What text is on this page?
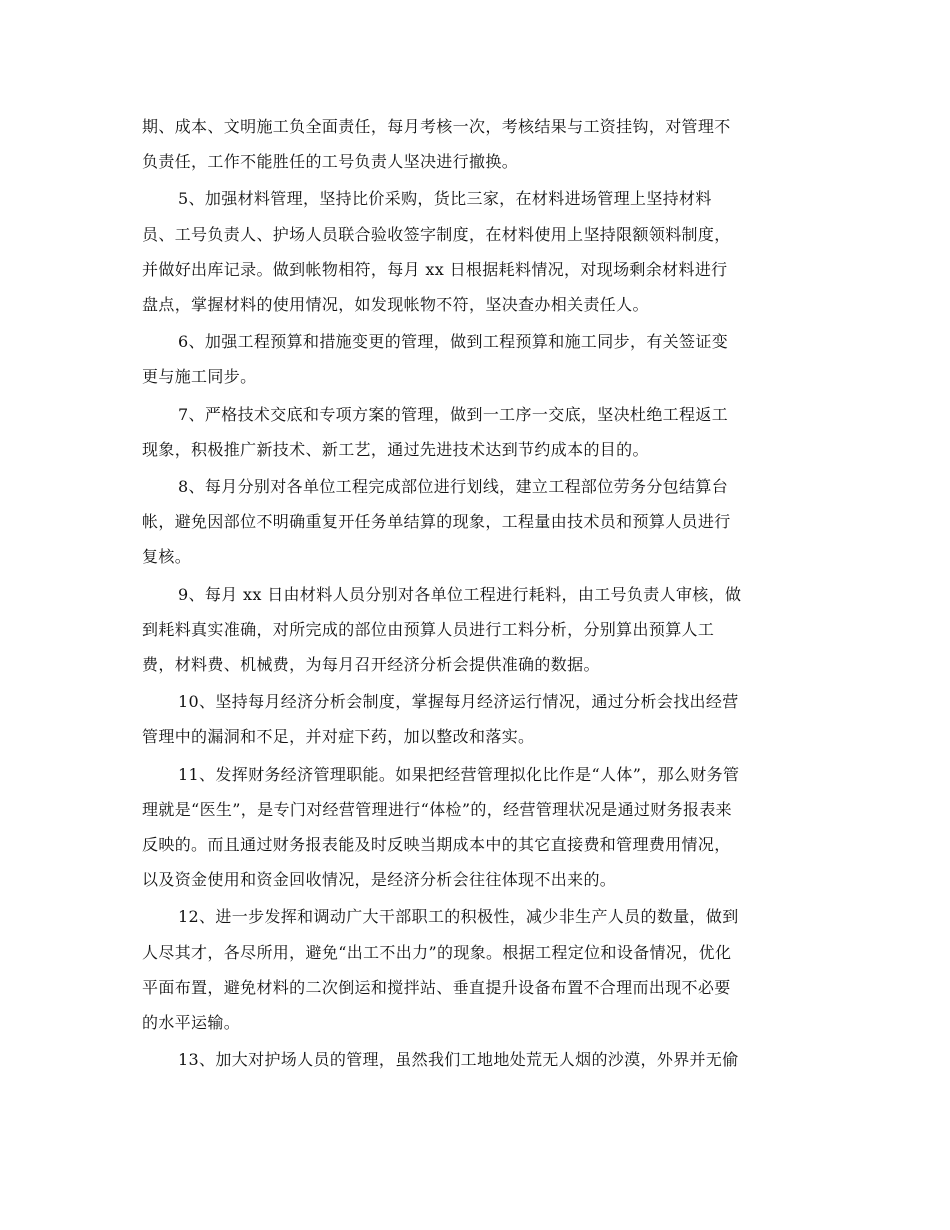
期、成本、文明施工负全面责任，每月考核一次，考核结果与工资挂钩，对管理不
负责任，工作不能胜任的工号负责人坚决进行撤换。

5、加强材料管理，坚持比价采购，货比三家，在材料进场管理上坚持材料
员、工号负责人、护场人员联合验收签字制度，在材料使用上坚持限额领料制度，
并做好出库记录。做到帐物相符，每月 xx 日根据耗料情况，对现场剩余材料进行
盘点，掌握材料的使用情况，如发现帐物不符，坚决查办相关责任人。

6、加强工程预算和措施变更的管理，做到工程预算和施工同步，有关签证变
更与施工同步。

7、严格技术交底和专项方案的管理，做到一工序一交底，坚决杜绝工程返工
现象，积极推广新技术、新工艺，通过先进技术达到节约成本的目的。

8、每月分别对各单位工程完成部位进行划线，建立工程部位劳务分包结算台
帐，避免因部位不明确重复开任务单结算的现象，工程量由技术员和预算人员进行
复核。

9、每月 xx 日由材料人员分别对各单位工程进行耗料，由工号负责人审核，做
到耗料真实准确，对所完成的部位由预算人员进行工料分析，分别算出预算人工
费，材料费、机械费，为每月召开经济分析会提供准确的数据。

10、坚持每月经济分析会制度，掌握每月经济运行情况，通过分析会找出经营
管理中的漏洞和不足，并对症下药，加以整改和落实。

11、发挥财务经济管理职能。如果把经营管理拟化比作是“人体”，那么财务管
理就是“医生”，是专门对经营管理进行“体检”的，经营管理状况是通过财务报表来
反映的。而且通过财务报表能及时反映当期成本中的其它直接费和管理费用情况，
以及资金使用和资金回收情况，是经济分析会往往体现不出来的。

12、进一步发挥和调动广大干部职工的积极性，减少非生产人员的数量，做到
人尽其才，各尽所用，避免“出工不出力”的现象。根据工程定位和设备情况，优化
平面布置，避免材料的二次倒运和搅拌站、垂直提升设备布置不合理而出现不必要
的水平运输。

13、加大对护场人员的管理，虽然我们工地地处荒无人烟的沙漠，外界并无偷
